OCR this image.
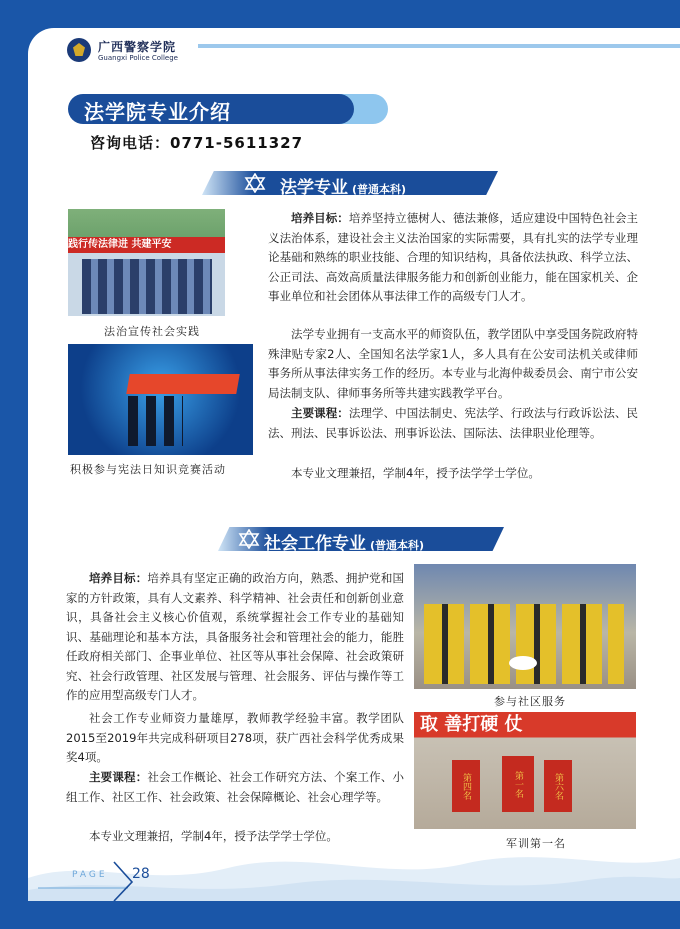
广西警察学院
Guangxi Police College
法学院专业介绍
咨询电话：0771-5611327
法学专业 (普通本科)
践行传法律进 共建平安
法治宣传社会实践
积极参与宪法日知识竞赛活动
培养目标：培养坚持立德树人、德法兼修，适应建设中国特色社会主义法治体系，建设社会主义法治国家的实际需要，具有扎实的法学专业理论基础和熟练的职业技能、合理的知识结构，具备依法执政、科学立法、公正司法、高效高质量法律服务能力和创新创业能力，能在国家机关、企事业单位和社会团体从事法律工作的高级专门人才。
法学专业拥有一支高水平的师资队伍，教学团队中享受国务院政府特殊津贴专家2人、全国知名法学家1人，多人具有在公安司法机关或律师事务所从事法律实务工作的经历。本专业与北海仲裁委员会、南宁市公安局法制支队、律师事务所等共建实践教学平台。
主要课程：法理学、中国法制史、宪法学、行政法与行政诉讼法、民法、刑法、民事诉讼法、刑事诉讼法、国际法、法律职业伦理等。
本专业文理兼招，学制4年，授予法学学士学位。
社会工作专业 (普通本科)
培养目标：培养具有坚定正确的政治方向，熟悉、拥护党和国家的方针政策，具有人文素养、科学精神、社会责任和创新创业意识，具备社会主义核心价值观，系统掌握社会工作专业的基础知识、基础理论和基本方法，具备服务社会和管理社会的能力，能胜任政府相关部门、企事业单位、社区等从事社会保障、社会政策研究、社会行政管理、社区发展与管理、社会服务、评估与操作等工作的应用型高级专门人才。
社会工作专业师资力量雄厚，教师教学经验丰富。教学团队2015至2019年共完成科研项目278项，获广西社会科学优秀成果奖4项。
主要课程：社会工作概论、社会工作研究方法、个案工作、小组工作、社区工作、社会政策、社会保障概论、社会心理学等。
本专业文理兼招，学制4年，授予法学学士学位。
参与社区服务
取 善打硬 仗
第四名	第一名	第六名
军训第一名
PAGE 28
